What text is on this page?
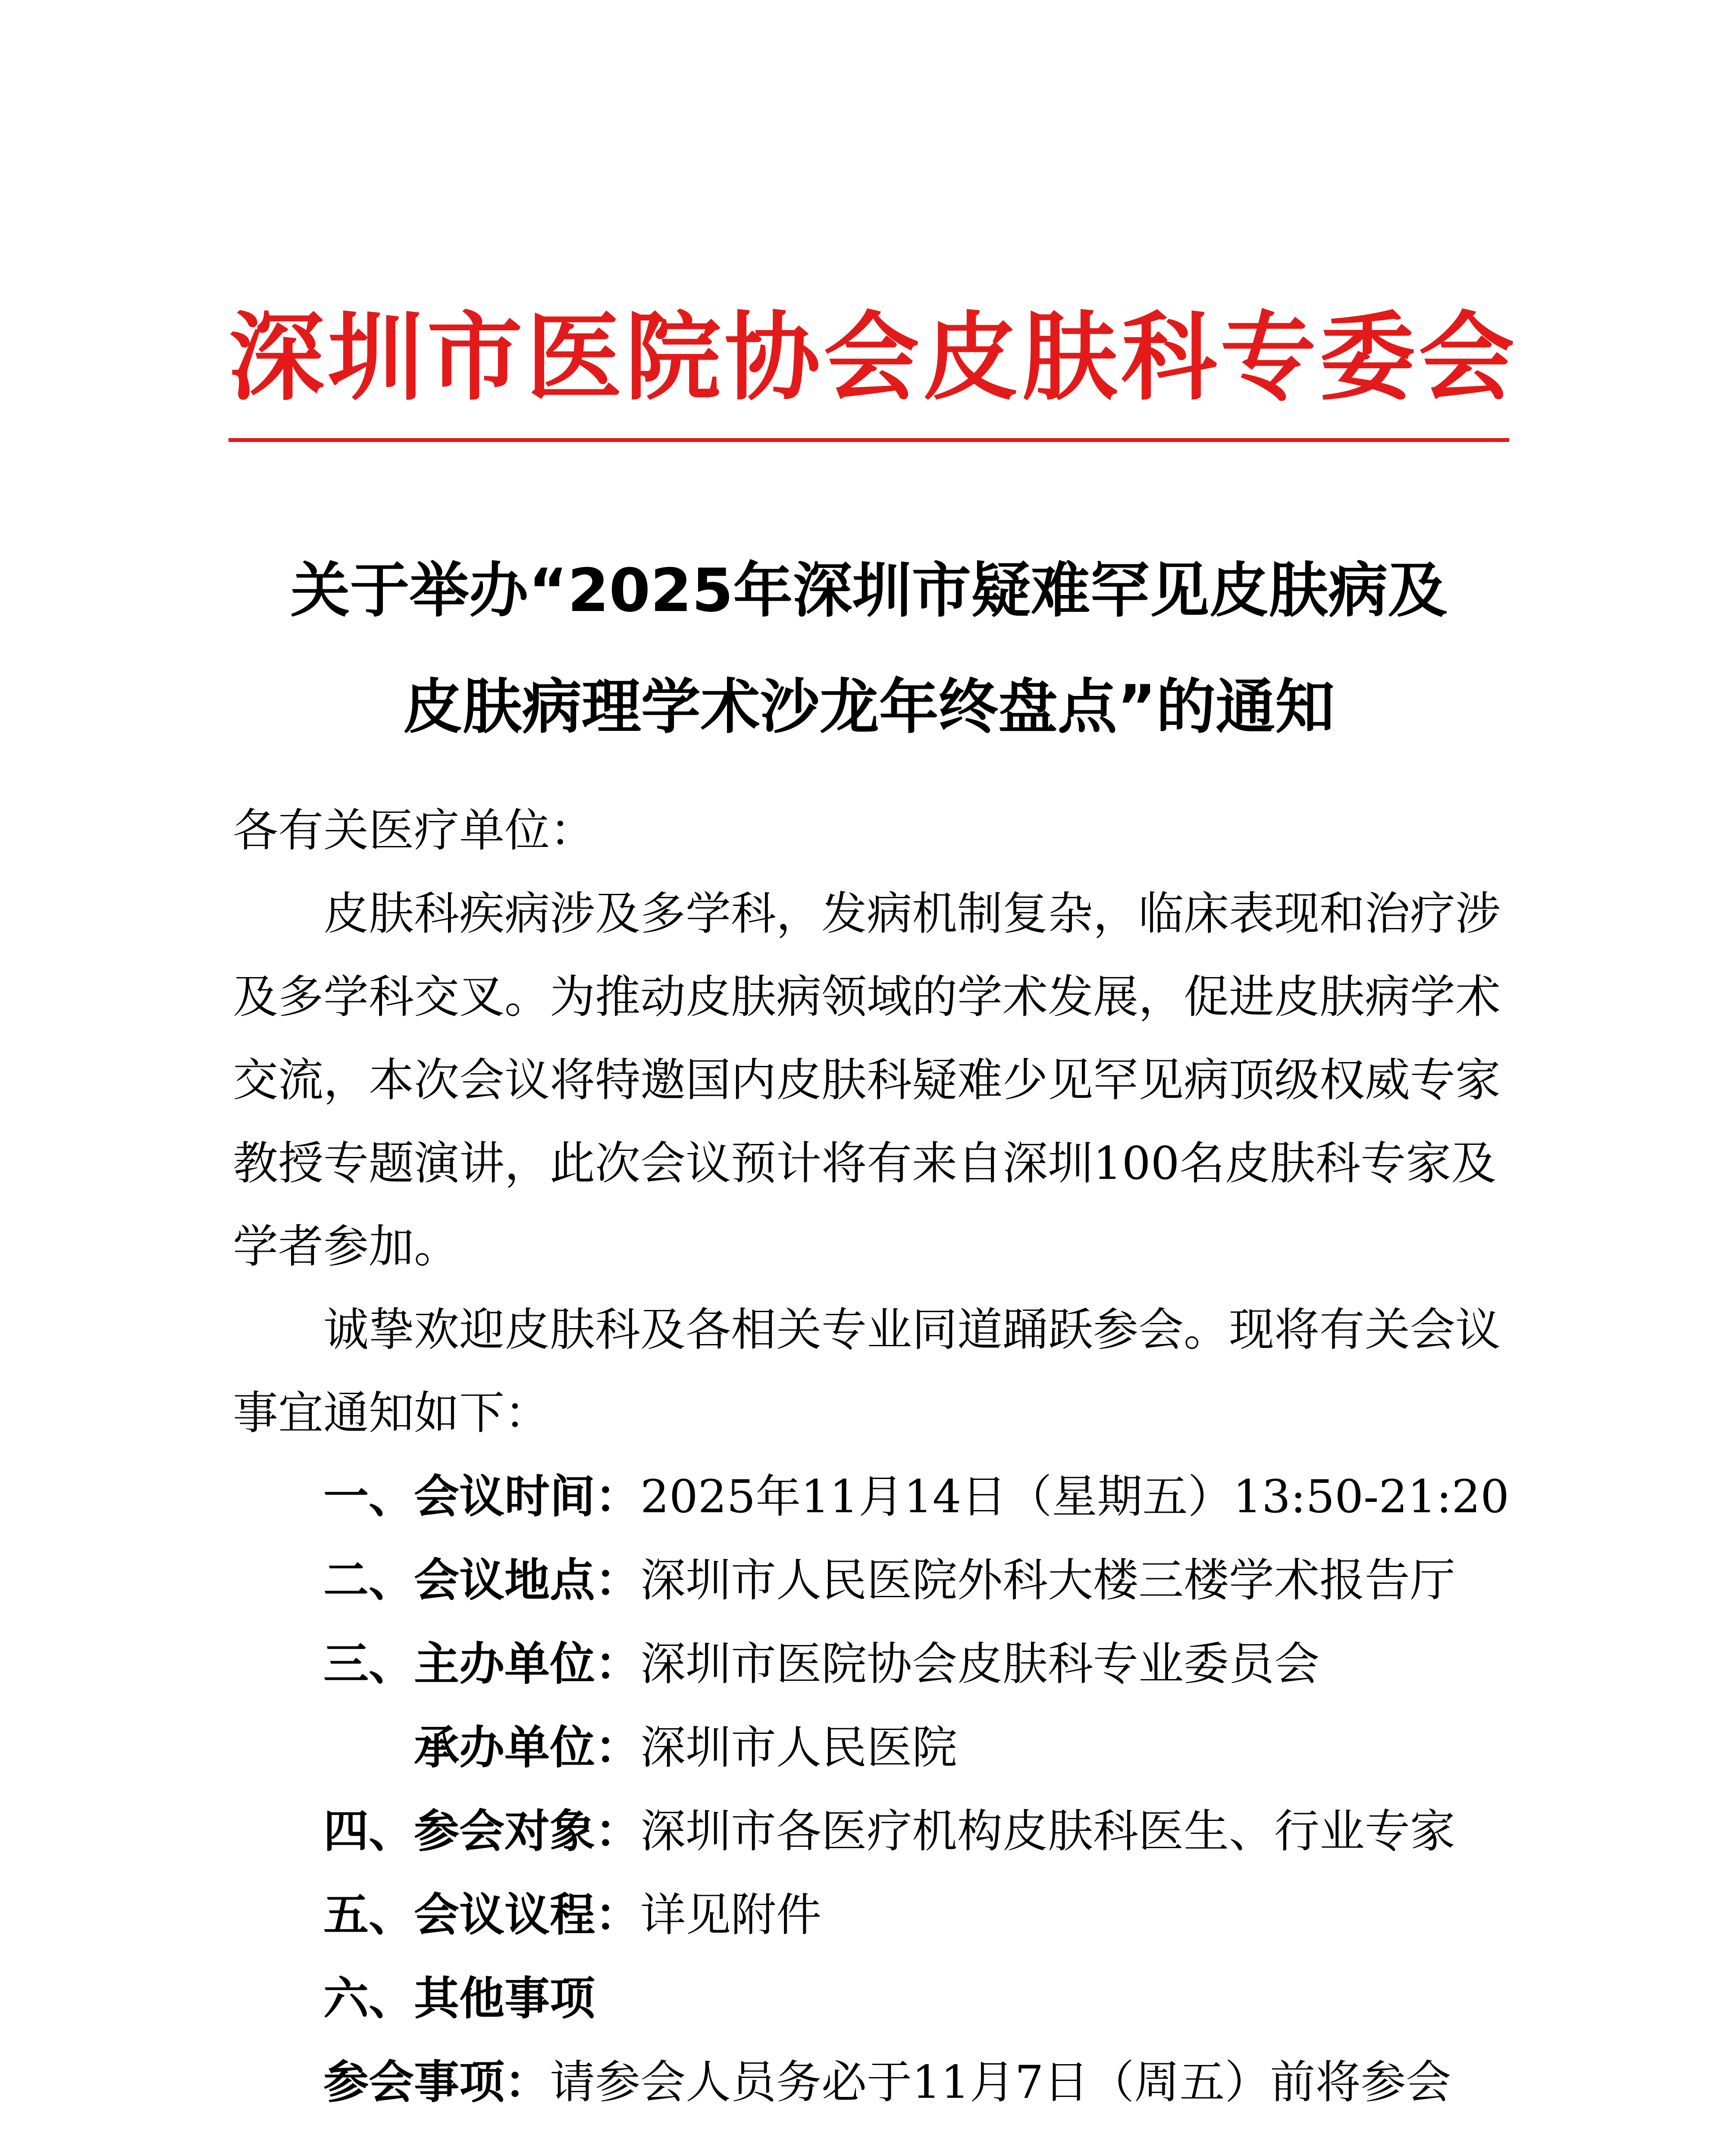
深圳市医院协会皮肤科专委会
关于举办“2025年深圳市疑难罕见皮肤病及
皮肤病理学术沙龙年终盘点”的通知

各有关医疗单位：

皮肤科疾病涉及多学科，发病机制复杂，临床表现和治疗涉及多学科交叉。为推动皮肤病领域的学术发展，促进皮肤病学术交流，本次会议将特邀国内皮肤科疑难少见罕见病顶级权威专家教授专题演讲，此次会议预计将有来自深圳100名皮肤科专家及学者参加。

诚挚欢迎皮肤科及各相关专业同道踊跃参会。现将有关会议事宜通知如下：

一、会议时间：2025年11月14日（星期五）13:50-21:20
二、会议地点：深圳市人民医院外科大楼三楼学术报告厅
三、主办单位：深圳市医院协会皮肤科专业委员会
承办单位：深圳市人民医院
四、参会对象：深圳市各医疗机构皮肤科医生、行业专家
五、会议议程：详见附件
六、其他事项
参会事项：请参会人员务必于11月7日（周五）前将参会
